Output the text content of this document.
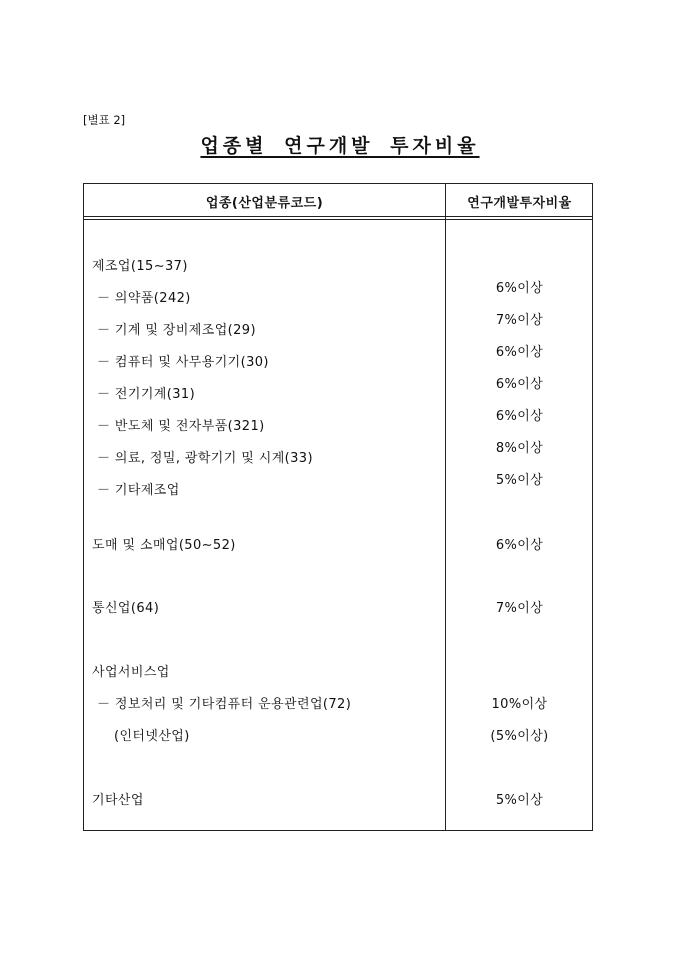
[별표 2]
업종별 연구개발 투자비율
업종(산업분류코드)	연구개발투자비율
제조업(15∼37)
－ 의약품(242)
－ 기계 및 장비제조업(29)
－ 컴퓨터 및 사무용기기(30)
－ 전기기계(31)
－ 반도체 및 전자부품(321)
－ 의료, 정밀, 광학기기 및 시계(33)
－ 기타제조업
도매 및 소매업(50∼52)
통신업(64)
사업서비스업
－ 정보처리 및 기타컴퓨터 운용관련업(72)
(인터넷산업)
기타산업
6%이상
7%이상
6%이상
6%이상
6%이상
8%이상
5%이상
6%이상
7%이상
10%이상
(5%이상)
5%이상
